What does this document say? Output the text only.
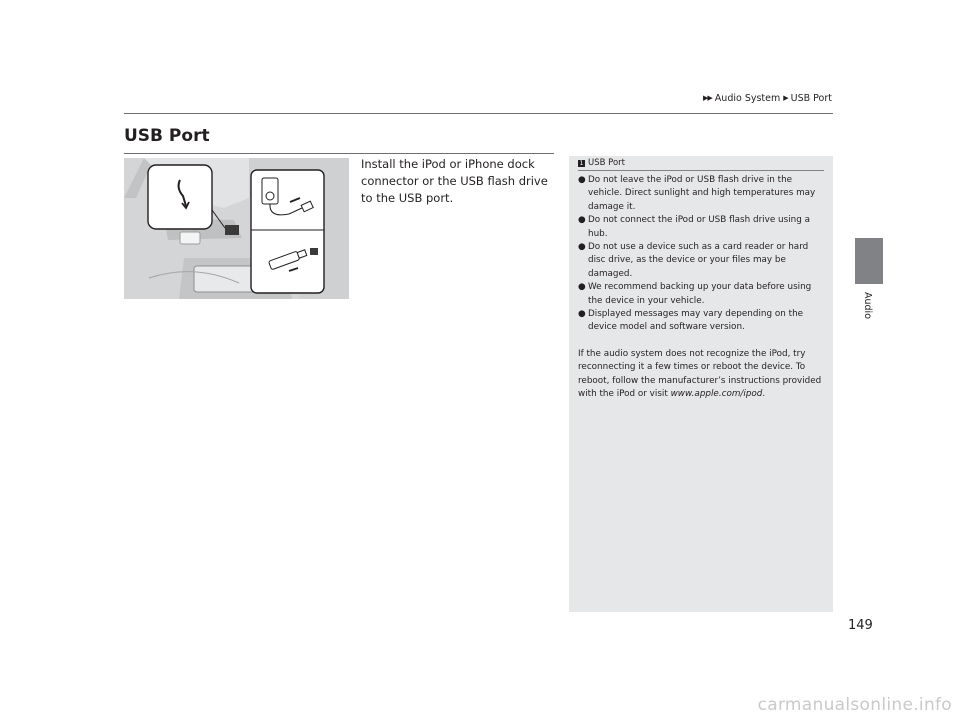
▶▶ Audio System ▶ USB Port
Audio
USB Port

Install the iPod or iPhone dock connector or the USB flash drive to the USB port.

1 USB Port
● Do not leave the iPod or USB flash drive in the vehicle. Direct sunlight and high temperatures may damage it.
● Do not connect the iPod or USB flash drive using a hub.
● Do not use a device such as a card reader or hard disc drive, as the device or your files may be damaged.
● We recommend backing up your data before using the device in your vehicle.
● Displayed messages may vary depending on the device model and software version.

If the audio system does not recognize the iPod, try reconnecting it a few times or reboot the device. To reboot, follow the manufacturer’s instructions provided with the iPod or visit www.apple.com/ipod.

149
carmanualsonline.info
